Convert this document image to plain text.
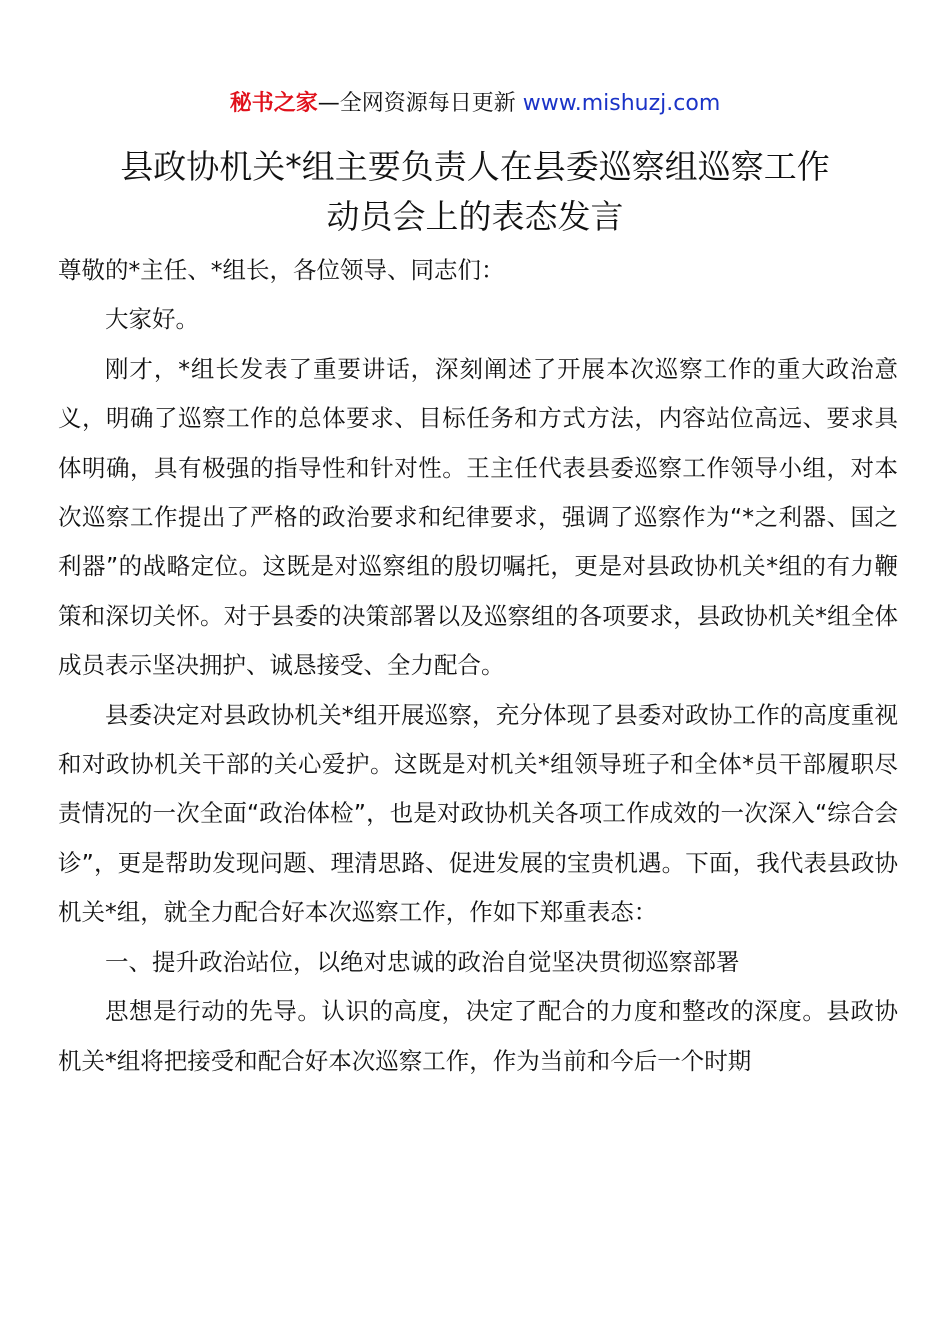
秘书之家—全网资源每日更新 www.mishuzj.com
县政协机关*组主要负责人在县委巡察组巡察工作
动员会上的表态发言

尊敬的*主任、*组长，各位领导、同志们：

大家好。

刚才，*组长发表了重要讲话，深刻阐述了开展本次巡察工作的重大政治意义，明确了巡察工作的总体要求、目标任务和方式方法，内容站位高远、要求具体明确，具有极强的指导性和针对性。王主任代表县委巡察工作领导小组，对本次巡察工作提出了严格的政治要求和纪律要求，强调了巡察作为“*之利器、国之利器”的战略定位。这既是对巡察组的殷切嘱托，更是对县政协机关*组的有力鞭策和深切关怀。对于县委的决策部署以及巡察组的各项要求，县政协机关*组全体成员表示坚决拥护、诚恳接受、全力配合。

县委决定对县政协机关*组开展巡察，充分体现了县委对政协工作的高度重视和对政协机关干部的关心爱护。这既是对机关*组领导班子和全体*员干部履职尽责情况的一次全面“政治体检”，也是对政协机关各项工作成效的一次深入“综合会诊”，更是帮助发现问题、理清思路、促进发展的宝贵机遇。下面，我代表县政协机关*组，就全力配合好本次巡察工作，作如下郑重表态：

一、提升政治站位，以绝对忠诚的政治自觉坚决贯彻巡察部署

思想是行动的先导。认识的高度，决定了配合的力度和整改的深度。县政协机关*组将把接受和配合好本次巡察工作，作为当前和今后一个时期
